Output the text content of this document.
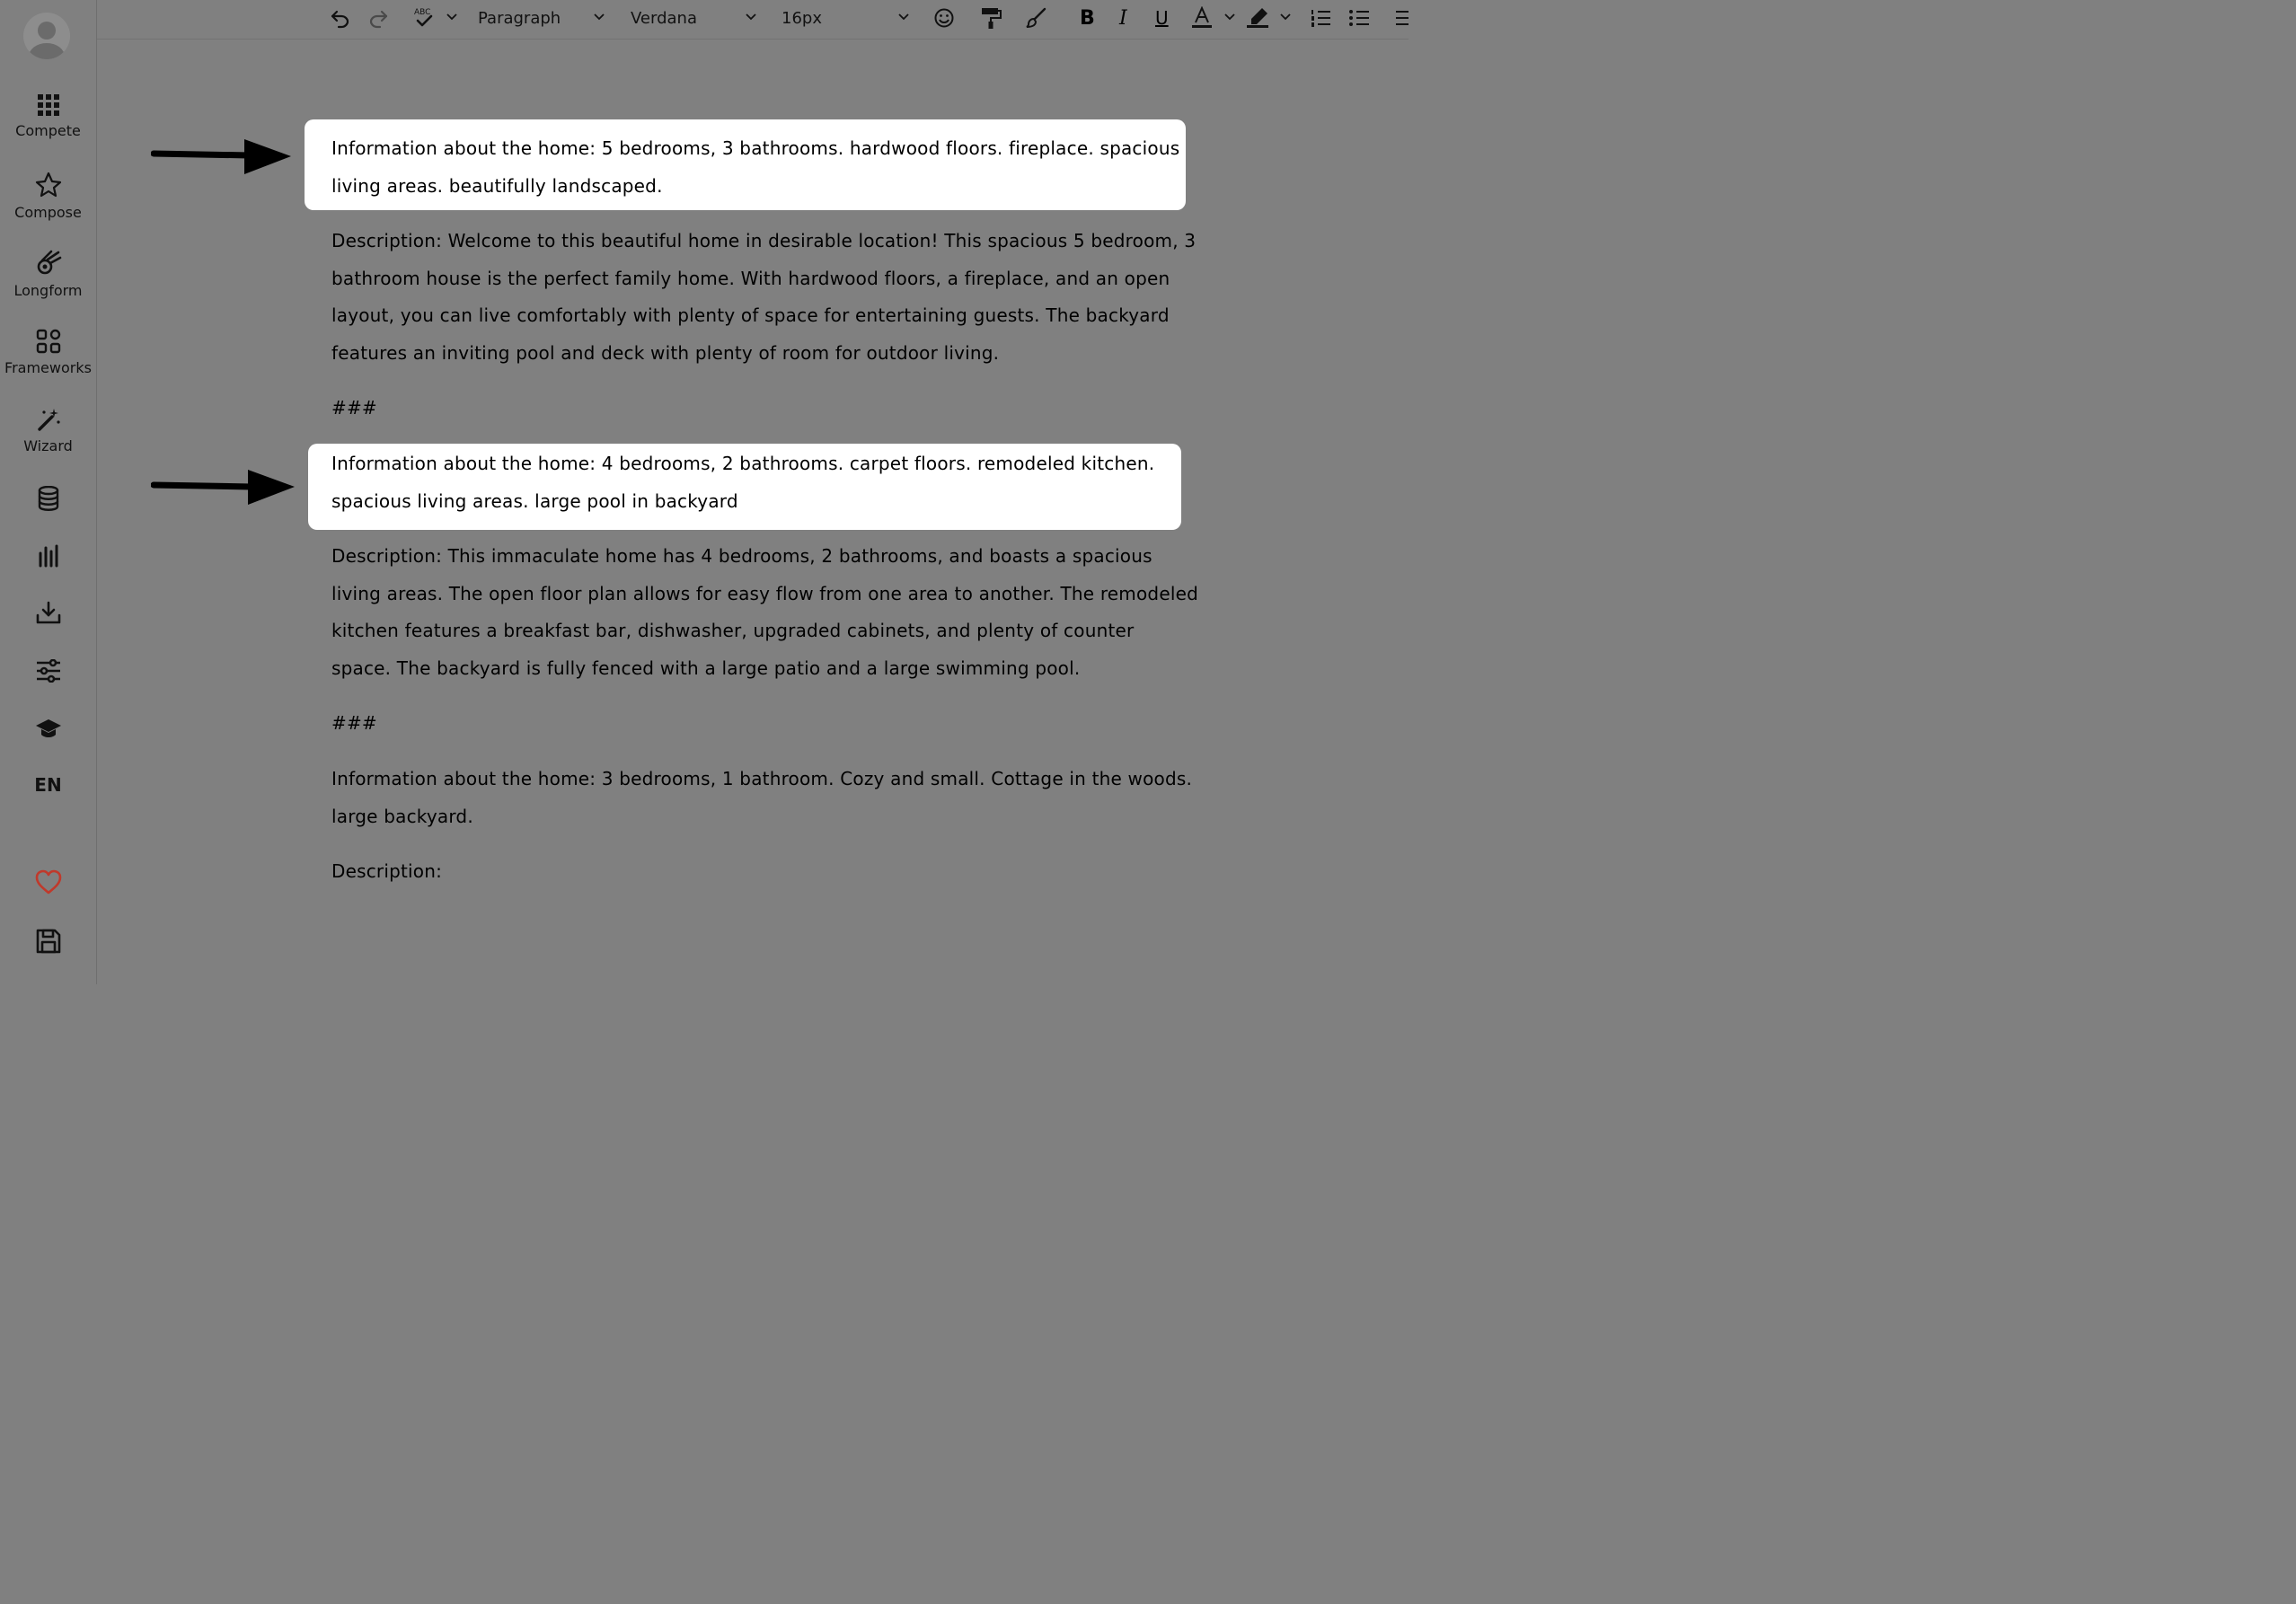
Compete
Compose
Longform
Frameworks
Wizard
EN
ABC	Paragraph	Verdana	16px	B I U

Information about the home: 5 bedrooms, 3 bathrooms. hardwood floors. fireplace. spacious living areas. beautifully landscaped.

Description: Welcome to this beautiful home in desirable location! This spacious 5 bedroom, 3 bathroom house is the perfect family home. With hardwood floors, a fireplace, and an open layout, you can live comfortably with plenty of space for entertaining guests. The backyard features an inviting pool and deck with plenty of room for outdoor living.

###

Information about the home: 4 bedrooms, 2 bathrooms. carpet floors. remodeled kitchen. spacious living areas. large pool in backyard

Description: This immaculate home has 4 bedrooms, 2 bathrooms, and boasts a spacious living areas. The open floor plan allows for easy flow from one area to another. The remodeled kitchen features a breakfast bar, dishwasher, upgraded cabinets, and plenty of counter space. The backyard is fully fenced with a large patio and a large swimming pool.

###

Information about the home: 3 bedrooms, 1 bathroom. Cozy and small. Cottage in the woods. large backyard.

Description:
